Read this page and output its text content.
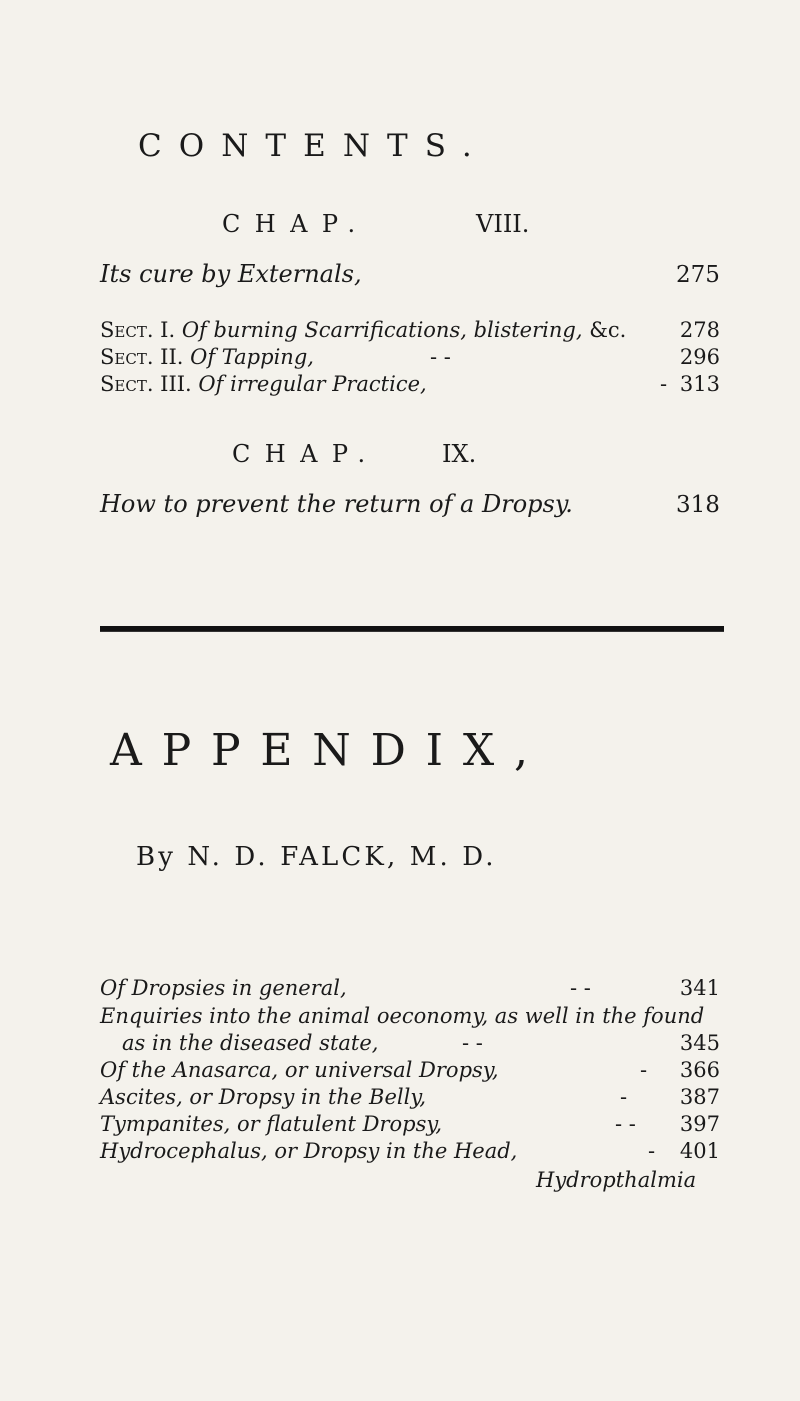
CONTENTS.
CHAP.	VIII.
Its cure by Externals,	275
Sect. I. Of burning Scarrifications, blistering, &c.	278
Sect. II. Of Tapping,	- -	296
Sect. III. Of irregular Practice,	- 313
CHAP.	IX.
How to prevent the return of a Dropsy.	318
APPENDIX,
By N. D. FALCK, M. D.
Of Dropsies in general,	- -	341
Enquiries into the animal oeconomy, as well in the found
as in the diseased state,	- -	345
Of the Anasarca, or universal Dropsy,	- 366
Ascites, or Dropsy in the Belly,	-	387
Tympanites, or flatulent Dropsy,	- - 397
Hydrocephalus, or Dropsy in the Head,	- 401
Hydropthalmia
